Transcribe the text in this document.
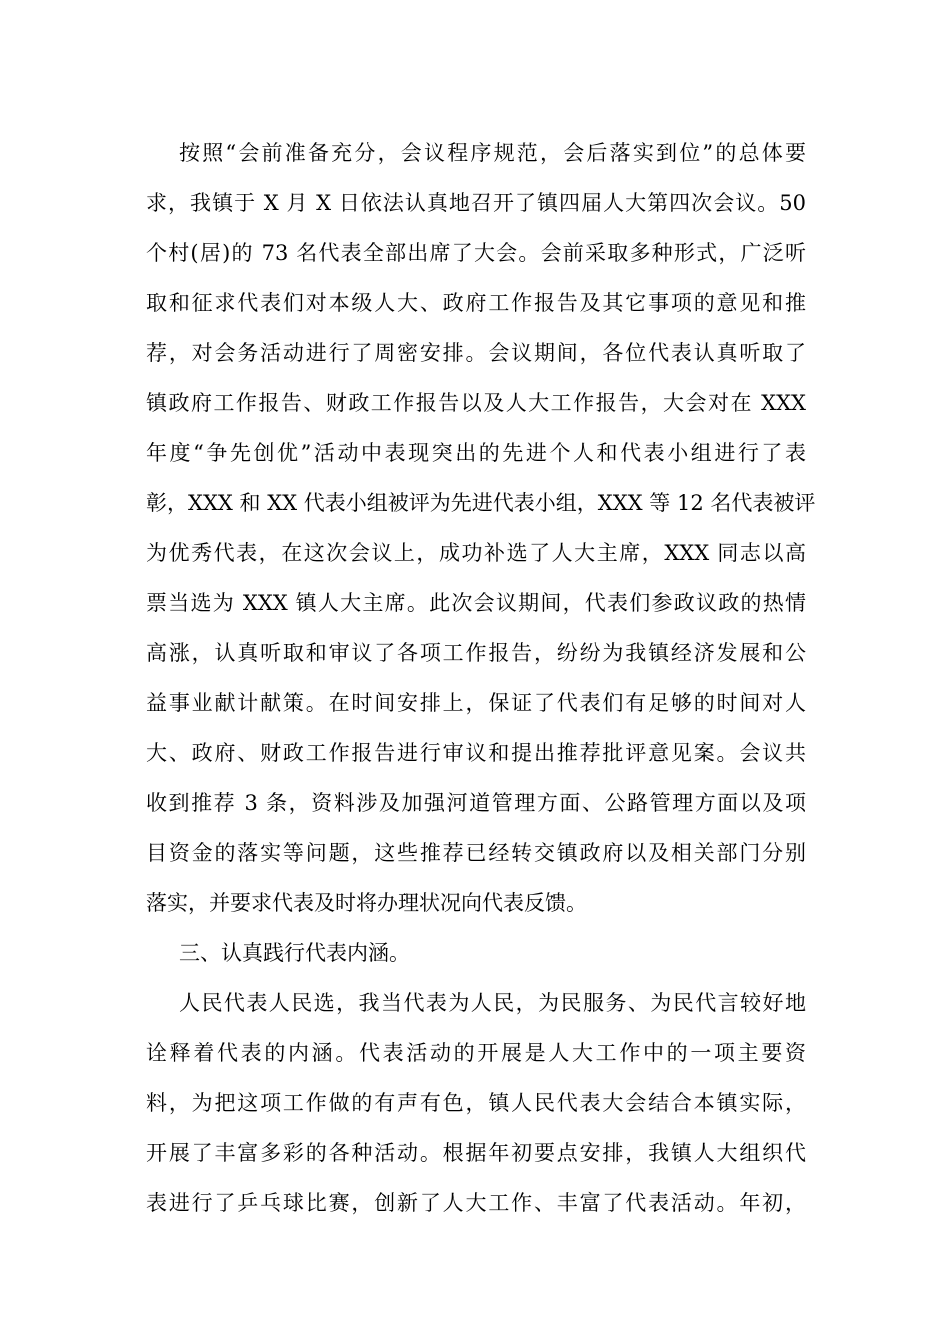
按照“会前准备充分，会议程序规范，会后落实到位”的总体要
求，我镇于 X 月 X 日依法认真地召开了镇四届人大第四次会议。50
个村(居)的 73 名代表全部出席了大会。会前采取多种形式，广泛听
取和征求代表们对本级人大、政府工作报告及其它事项的意见和推
荐，对会务活动进行了周密安排。会议期间，各位代表认真听取了
镇政府工作报告、财政工作报告以及人大工作报告，大会对在 XXX
年度“争先创优”活动中表现突出的先进个人和代表小组进行了表
彰，XXX 和 XX 代表小组被评为先进代表小组，XXX 等 12 名代表被评
为优秀代表，在这次会议上，成功补选了人大主席，XXX 同志以高
票当选为 XXX 镇人大主席。此次会议期间，代表们参政议政的热情
高涨，认真听取和审议了各项工作报告，纷纷为我镇经济发展和公
益事业献计献策。在时间安排上，保证了代表们有足够的时间对人
大、政府、财政工作报告进行审议和提出推荐批评意见案。会议共
收到推荐 3 条，资料涉及加强河道管理方面、公路管理方面以及项
目资金的落实等问题，这些推荐已经转交镇政府以及相关部门分别
落实，并要求代表及时将办理状况向代表反馈。
三、认真践行代表内涵。
人民代表人民选，我当代表为人民，为民服务、为民代言较好地
诠释着代表的内涵。代表活动的开展是人大工作中的一项主要资
料，为把这项工作做的有声有色，镇人民代表大会结合本镇实际，
开展了丰富多彩的各种活动。根据年初要点安排，我镇人大组织代
表进行了乒乓球比赛，创新了人大工作、丰富了代表活动。年初，
